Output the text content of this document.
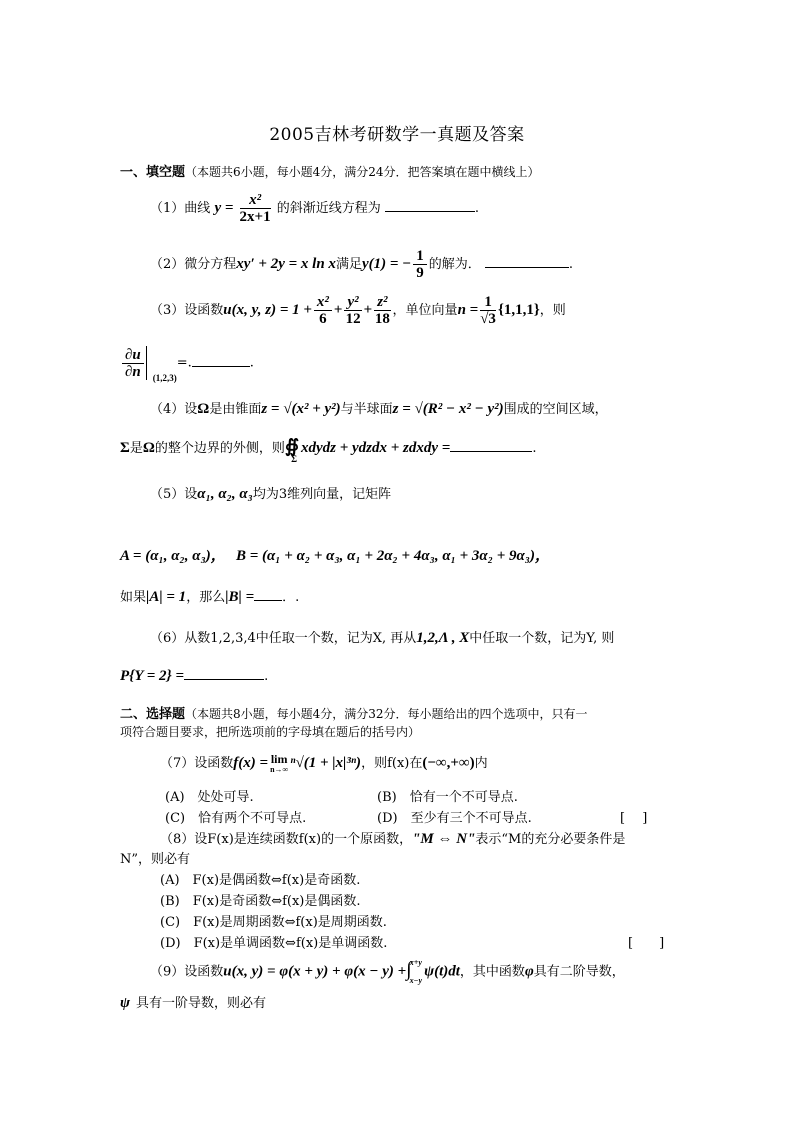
2005吉林考研数学一真题及答案
一、填空题（本题共6小题，每小题4分，满分24分．把答案填在题中横线上）
（1）曲线 $y = \frac{\text{x²}}{2x+1}$ 的斜渐近线方程为	.
（2）微分方程xy′ + 2y = x ln x满足y(1) = − $\frac{1}{9}$ 的解为．	.
（3）设函数u(x, y, $z) = 1 + \frac{\text{x²}}{6} + \frac{\text{y²}}{12} + \frac{\text{z²}}{18}$ ，单位向量$n = \frac{1}{√3} \{1,1,1\}$，则
$\frac{\partial u}{\partial n} _{(1,2,3)}=$.	.
（4）设Ω是由锥面z = √(x² + y²)与半球面z = √(R² − x² − y²)围成的空间区域，
Σ是Ω的整个边界的外侧，则$∯_\Sigma xdydz$ + ydzdx + zdxdy =	.
（5）设α₁, α₂, α₃均为3维列向量，记矩阵
A = (α₁, α₂, α₃)， B = (α₁ + α₂ + α₃, α₁ + 2α₂ + 4α₃, α₁ + 3α₂ + 9α₃)，
如果|A| = 1，那么|B| = ．.
（6）从数1,2,3,4中任取一个数，记为X, 再从1,2,Λ , X中任取一个数，记为Y, 则
P{Y = 2} =	.
二、选择题（本题共8小题，每小题4分，满分32分．每小题给出的四个选项中，只有一
项符合题目要求，把所选项前的字母填在题后的括号内）
（7）设函数f(x) = lim
n→∞ ⁿ√(1 + |x|³ⁿ)，则f(x)在(−∞,+∞)内
(A)　处处可导.	(B)　恰有一个不可导点.
(C)　恰有两个不可导点.	(D)　至少有三个不可导点.	[　 ]
（8）设F(x)是连续函数f(x)的一个原函数，"M ⇔ N"表示“M的充分必要条件是
N”，则必有
(A)　F(x)是偶函数⇔f(x)是奇函数.
(B)　F(x)是奇函数⇔f(x)是偶函数.
(C)　F(x)是周期函数⇔f(x)是周期函数.
(D)　F(x)是单调函数⇔f(x)是单调函数.	[　　]
（9）设函数u(x, y) = φ(x + y) + φ(x − y) +∫
x+y
x−y
ψ(t)dt，其中函数φ具有二阶导数，
ψ 具有一阶导数，则必有
